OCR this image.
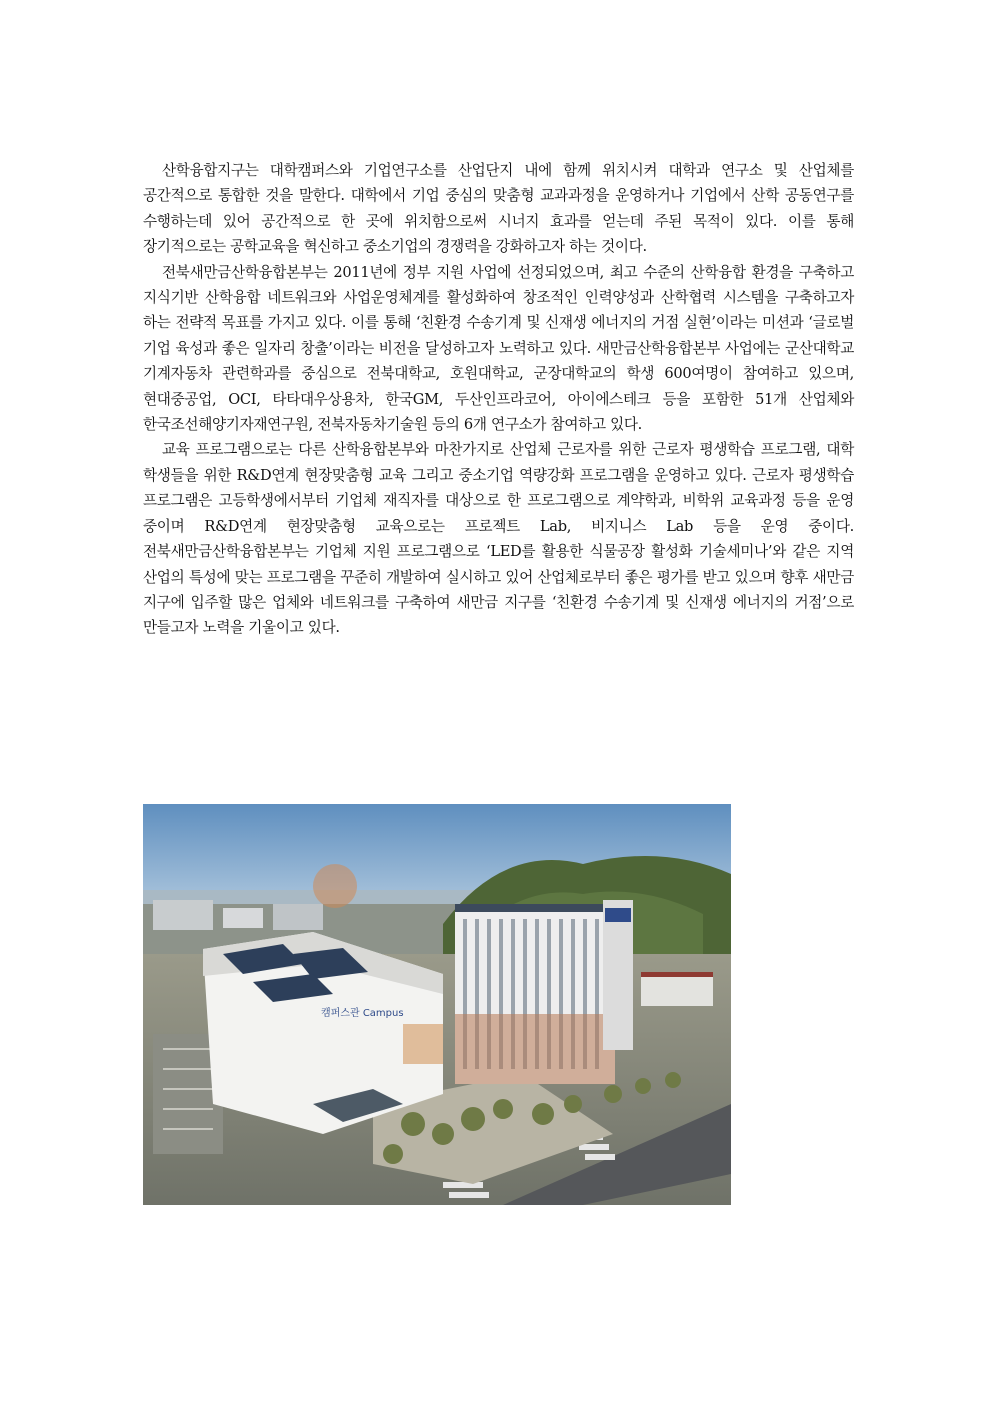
산학융합지구는 대학캠퍼스와 기업연구소를 산업단지 내에 함께 위치시켜 대학과 연구소 및 산업체를 공간적으로 통합한 것을 말한다. 대학에서 기업 중심의 맞춤형 교과과정을 운영하거나 기업에서 산학 공동연구를 수행하는데 있어 공간적으로 한 곳에 위치함으로써 시너지 효과를 얻는데 주된 목적이 있다. 이를 통해 장기적으로는 공학교육을 혁신하고 중소기업의 경쟁력을 강화하고자 하는 것이다.

전북새만금산학융합본부는 2011년에 정부 지원 사업에 선정되었으며, 최고 수준의 산학융합 환경을 구축하고 지식기반 산학융합 네트워크와 사업운영체계를 활성화하여 창조적인 인력양성과 산학협력 시스템을 구축하고자 하는 전략적 목표를 가지고 있다. 이를 통해 ‘친환경 수송기계 및 신재생 에너지의 거점 실현’이라는 미션과 ‘글로벌 기업 육성과 좋은 일자리 창출’이라는 비전을 달성하고자 노력하고 있다. 새만금산학융합본부 사업에는 군산대학교 기계자동차 관련학과를 중심으로 전북대학교, 호원대학교, 군장대학교의 학생 600여명이 참여하고 있으며, 현대중공업, OCI, 타타대우상용차, 한국GM, 두산인프라코어, 아이에스테크 등을 포함한 51개 산업체와 한국조선해양기자재연구원, 전북자동차기술원 등의 6개 연구소가 참여하고 있다.

교육 프로그램으로는 다른 산학융합본부와 마찬가지로 산업체 근로자를 위한 근로자 평생학습 프로그램, 대학 학생들을 위한 R&D연계 현장맞춤형 교육 그리고 중소기업 역량강화 프로그램을 운영하고 있다. 근로자 평생학습 프로그램은 고등학생에서부터 기업체 재직자를 대상으로 한 프로그램으로 계약학과, 비학위 교육과정 등을 운영 중이며 R&D연계 현장맞춤형 교육으로는 프로젝트 Lab, 비지니스 Lab 등을 운영 중이다. 전북새만금산학융합본부는 기업체 지원 프로그램으로 ‘LED를 활용한 식물공장 활성화 기술세미나’와 같은 지역 산업의 특성에 맞는 프로그램을 꾸준히 개발하여 실시하고 있어 산업체로부터 좋은 평가를 받고 있으며 향후 새만금 지구에 입주할 많은 업체와 네트워크를 구축하여 새만금 지구를 ‘친환경 수송기계 및 신재생 에너지의 거점’으로 만들고자 노력을 기울이고 있다.

캠퍼스관 Campus
